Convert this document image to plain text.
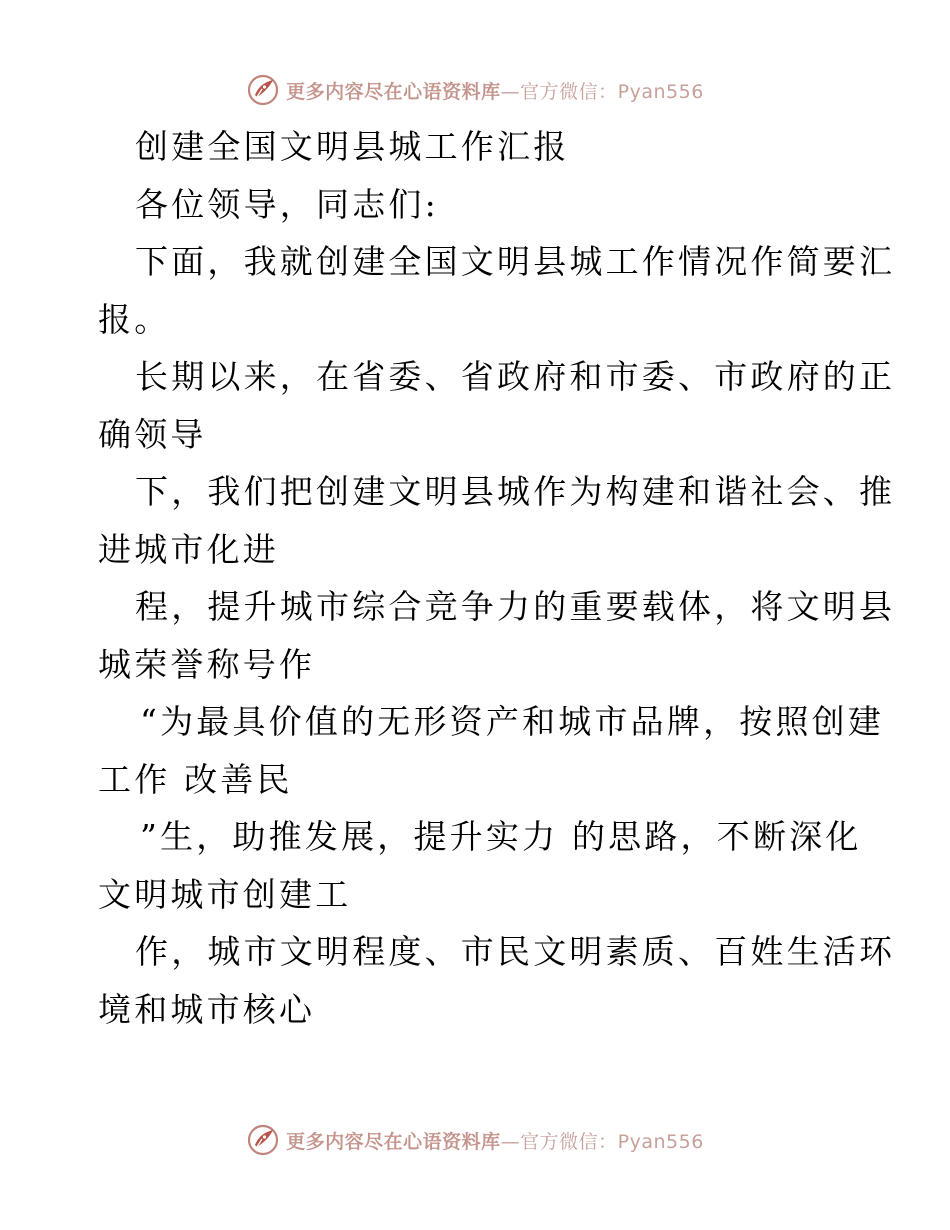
更多内容尽在心语资料库—官方微信：Pyan556
创建全国文明县城工作汇报
各位领导，同志们:
下面，我就创建全国文明县城工作情况作简要汇
报。
长期以来，在省委、省政府和市委、市政府的正
确领导
下，我们把创建文明县城作为构建和谐社会、推
进城市化进
程，提升城市综合竞争力的重要载体，将文明县
城荣誉称号作
“为最具价值的无形资产和城市品牌，按照创建
工作 改善民
”生，助推发展，提升实力 的思路，不断深化
文明城市创建工
作，城市文明程度、市民文明素质、百姓生活环
境和城市核心
更多内容尽在心语资料库—官方微信：Pyan556
